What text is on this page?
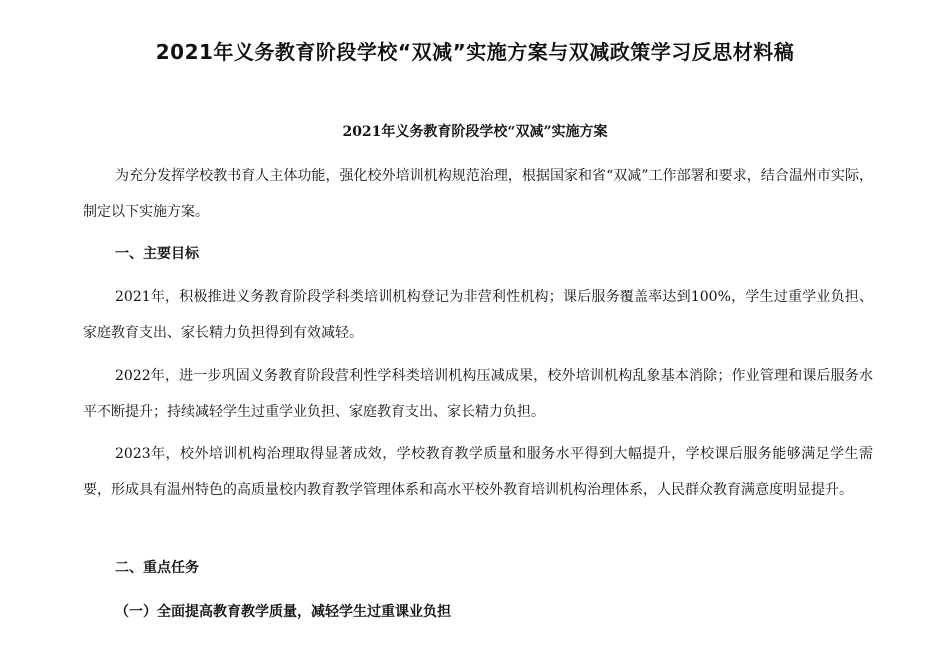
2021年义务教育阶段学校“双减”实施方案与双减政策学习反思材料稿
2021年义务教育阶段学校“双减”实施方案

为充分发挥学校教书育人主体功能，强化校外培训机构规范治理，根据国家和省“双减”工作部署和要求，结合温州市实际，制定以下实施方案。

一、主要目标

2021年，积极推进义务教育阶段学科类培训机构登记为非营利性机构；课后服务覆盖率达到100%，学生过重学业负担、家庭教育支出、家长精力负担得到有效减轻。

2022年，进一步巩固义务教育阶段营利性学科类培训机构压减成果，校外培训机构乱象基本消除；作业管理和课后服务水平不断提升；持续减轻学生过重学业负担、家庭教育支出、家长精力负担。

2023年，校外培训机构治理取得显著成效，学校教育教学质量和服务水平得到大幅提升，学校课后服务能够满足学生需要，形成具有温州特色的高质量校内教育教学管理体系和高水平校外教育培训机构治理体系，人民群众教育满意度明显提升。

二、重点任务

（一）全面提高教育教学质量，减轻学生过重课业负担
